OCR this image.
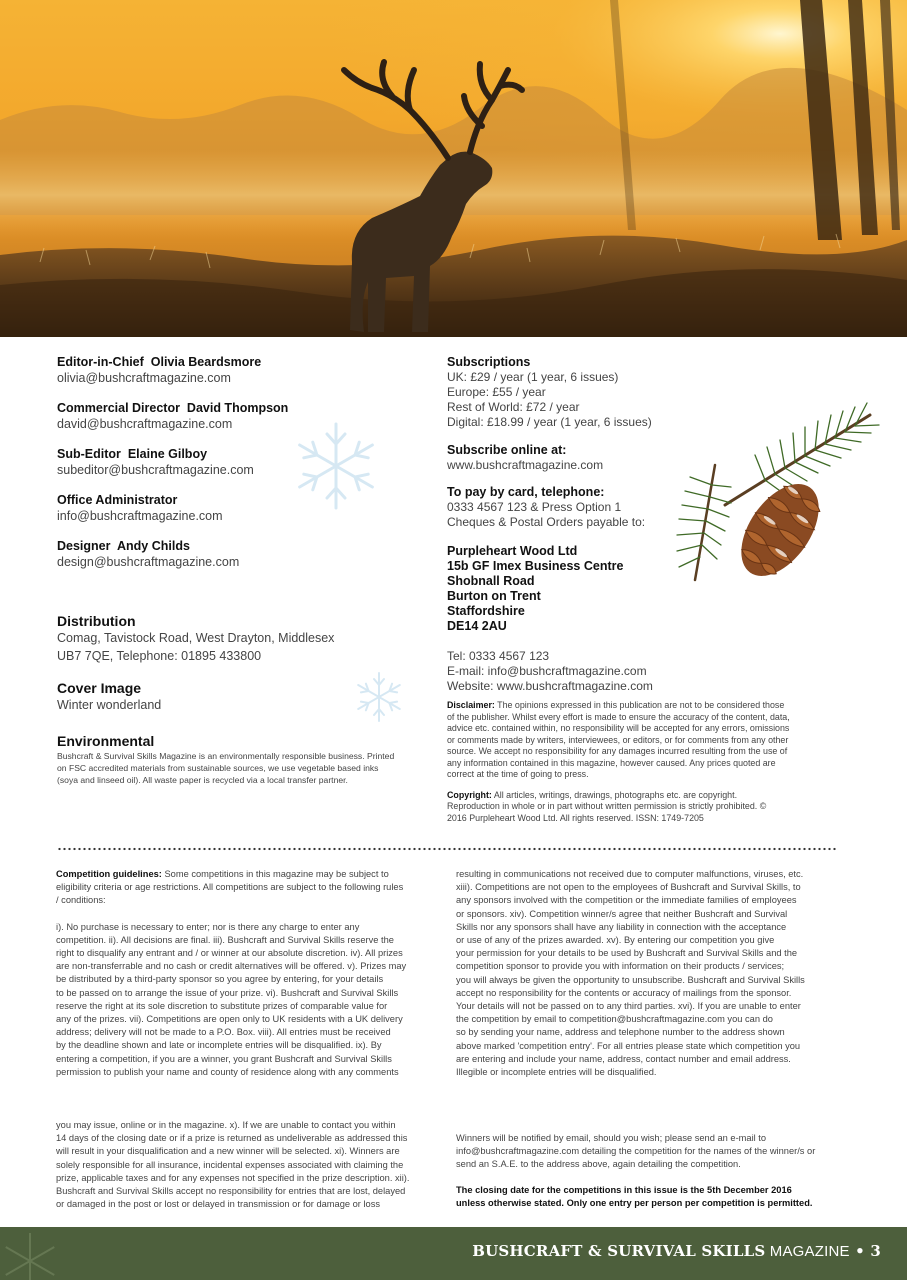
Editor-in-Chief Olivia Beardsmore
olivia@bushcraftmagazine.com
Commercial Director David Thompson
david@bushcraftmagazine.com
Sub-Editor Elaine Gilboy
subeditor@bushcraftmagazine.com
Office Administrator
info@bushcraftmagazine.com
Designer Andy Childs
design@bushcraftmagazine.com
Distribution
Comag, Tavistock Road, West Drayton, Middlesex
UB7 7QE, Telephone: 01895 433800
Cover Image
Winter wonderland
Environmental
Bushcraft & Survival Skills Magazine is an environmentally responsible business. Printed
on FSC accredited materials from sustainable sources, we use vegetable based inks
(soya and linseed oil). All waste paper is recycled via a local transfer partner.
Subscriptions
UK: £29 / year (1 year, 6 issues)
Europe: £55 / year
Rest of World: £72 / year
Digital: £18.99 / year (1 year, 6 issues)
Subscribe online at:
www.bushcraftmagazine.com
To pay by card, telephone:
0333 4567 123 & Press Option 1
Cheques & Postal Orders payable to:
Purpleheart Wood Ltd
15b GF Imex Business Centre
Shobnall Road
Burton on Trent
Staffordshire
DE14 2AU
Tel: 0333 4567 123
E-mail: info@bushcraftmagazine.com
Website: www.bushcraftmagazine.com
Disclaimer: The opinions expressed in this publication are not to be considered those
of the publisher. Whilst every effort is made to ensure the accuracy of the content, data,
advice etc. contained within, no responsibility will be accepted for any errors, omissions
or comments made by writers, interviewees, or editors, or for comments from any other
source. We accept no responsibility for any damages incurred resulting from the use of
any information contained in this magazine, however caused. Any prices quoted are
correct at the time of going to press.
Copyright: All articles, writings, drawings, photographs etc. are copyright.
Reproduction in whole or in part without written permission is strictly prohibited. ©
2016 Purpleheart Wood Ltd. All rights reserved. ISSN: 1749-7205

Competition guidelines: Some competitions in this magazine may be subject to

eligibility criteria or age restrictions. All competitions are subject to the following rules

/ conditions:

i). No purchase is necessary to enter; nor is there any charge to enter any

competition. ii). All decisions are final. iii). Bushcraft and Survival Skills reserve the

right to disqualify any entrant and / or winner at our absolute discretion. iv). All prizes

are non-transferrable and no cash or credit alternatives will be offered. v). Prizes may

be distributed by a third-party sponsor so you agree by entering, for your details

to be passed on to arrange the issue of your prize. vi). Bushcraft and Survival Skills

reserve the right at its sole discretion to substitute prizes of comparable value for

any of the prizes. vii). Competitions are open only to UK residents with a UK delivery

address; delivery will not be made to a P.O. Box. viii). All entries must be received

by the deadline shown and late or incomplete entries will be disqualified. ix). By

entering a competition, if you are a winner, you grant Bushcraft and Survival Skills

permission to publish your name and county of residence along with any comments

you may issue, online or in the magazine. x). If we are unable to contact you within

14 days of the closing date or if a prize is returned as undeliverable as addressed this

will result in your disqualification and a new winner will be selected. xi). Winners are

solely responsible for all insurance, incidental expenses associated with claiming the

prize, applicable taxes and for any expenses not specified in the prize description. xii).

Bushcraft and Survival Skills accept no responsibility for entries that are lost, delayed

or damaged in the post or lost or delayed in transmission or for damage or loss

resulting in communications not received due to computer malfunctions, viruses, etc.

xiii). Competitions are not open to the employees of Bushcraft and Survival Skills, to

any sponsors involved with the competition or the immediate families of employees

or sponsors. xiv). Competition winner/s agree that neither Bushcraft and Survival

Skills nor any sponsors shall have any liability in connection with the acceptance

or use of any of the prizes awarded. xv). By entering our competition you give

your permission for your details to be used by Bushcraft and Survival Skills and the

competition sponsor to provide you with information on their products / services;

you will always be given the opportunity to unsubscribe. Bushcraft and Survival Skills

accept no responsibility for the contents or accuracy of mailings from the sponsor.

Your details will not be passed on to any third parties. xvi). If you are unable to enter

the competition by email to competition@bushcraftmagazine.com you can do

so by sending your name, address and telephone number to the address shown

above marked 'competition entry'. For all entries please state which competition you

are entering and include your name, address, contact number and email address.

Illegible or incomplete entries will be disqualified.

Winners will be notified by email, should you wish; please send an e-mail to

info@bushcraftmagazine.com detailing the competition for the names of the winner/s or

send an S.A.E. to the address above, again detailing the competition.

The closing date for the competitions in this issue is the 5th December 2016

unless otherwise stated. Only one entry per person per competition is permitted.

BUSHCRAFT & SURVIVAL SKILLS MAGAZINE • 3
